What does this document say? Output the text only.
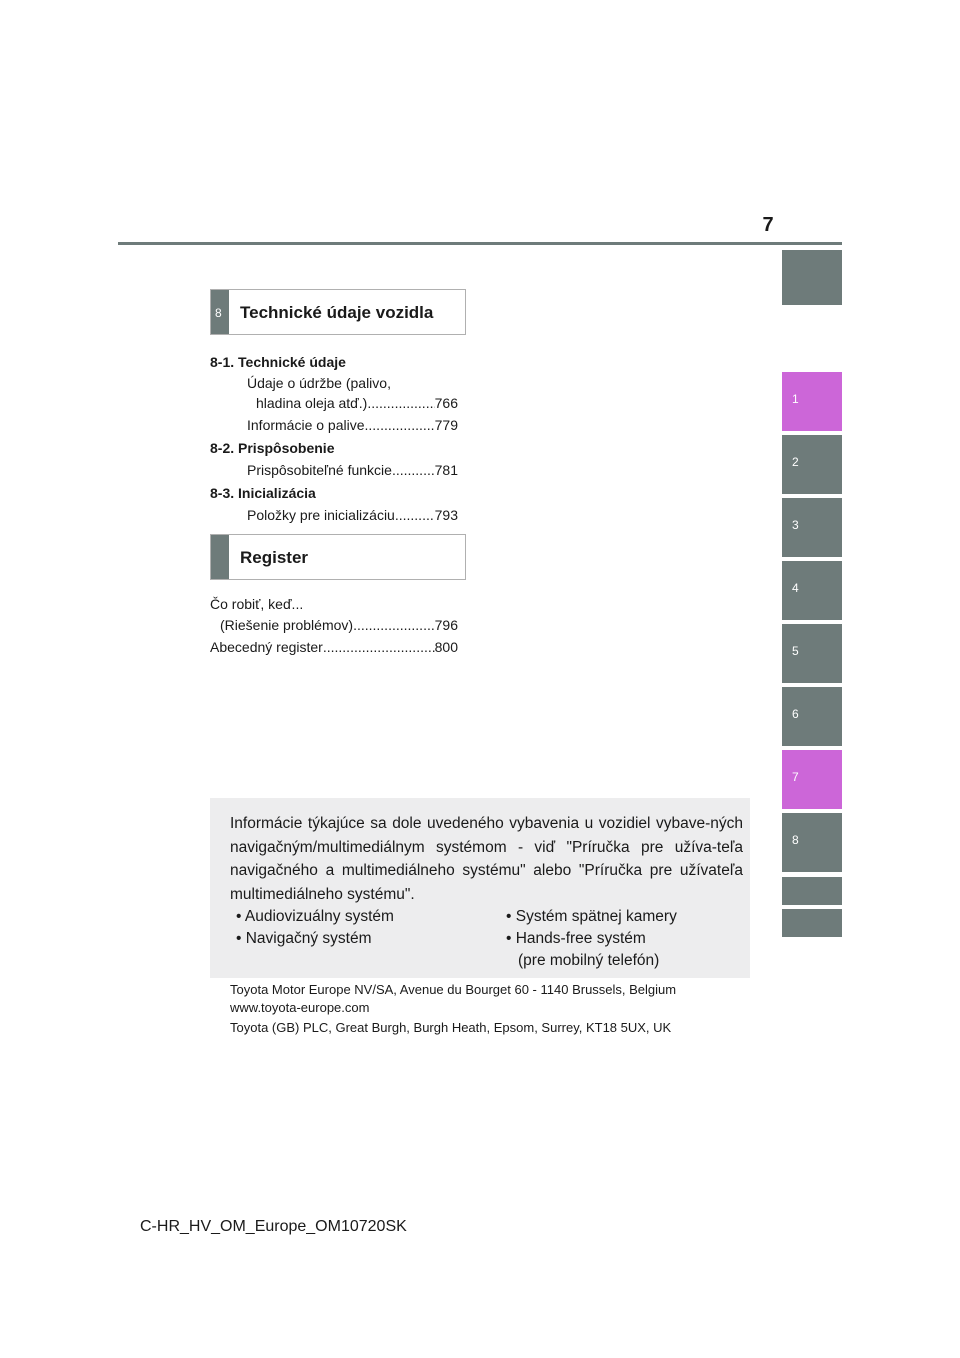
7
1
2
3
4
5
6
7
8
8 Technické údaje vozidla
8-1. Technické údaje
Údaje o údržbe (palivo,
hladina oleja atď.) .....	766
Informácie o palive .....	779
8-2. Prispôsobenie
Prispôsobiteľné funkcie .....	781
8-3. Inicializácia
Položky pre inicializáciu .....	793
Register
Čo robiť, keď...
(Riešenie problémov) .....	796
Abecedný register .....	800
Informácie týkajúce sa dole uvedeného vybavenia u vozidiel vybave-ných navigačným/multimediálnym systémom - viď "Príručka pre užíva-teľa navigačného a multimediálneho systému" alebo "Príručka pre užívateľa multimediálneho systému".
• Audiovizuálny systém
• Navigačný systém
• Systém spätnej kamery
• Hands-free systém
(pre mobilný telefón)
Toyota Motor Europe NV/SA, Avenue du Bourget 60 - 1140 Brussels, Belgium
www.toyota-europe.com
Toyota (GB) PLC, Great Burgh, Burgh Heath, Epsom, Surrey, KT18 5UX, UK
C-HR_HV_OM_Europe_OM10720SK
